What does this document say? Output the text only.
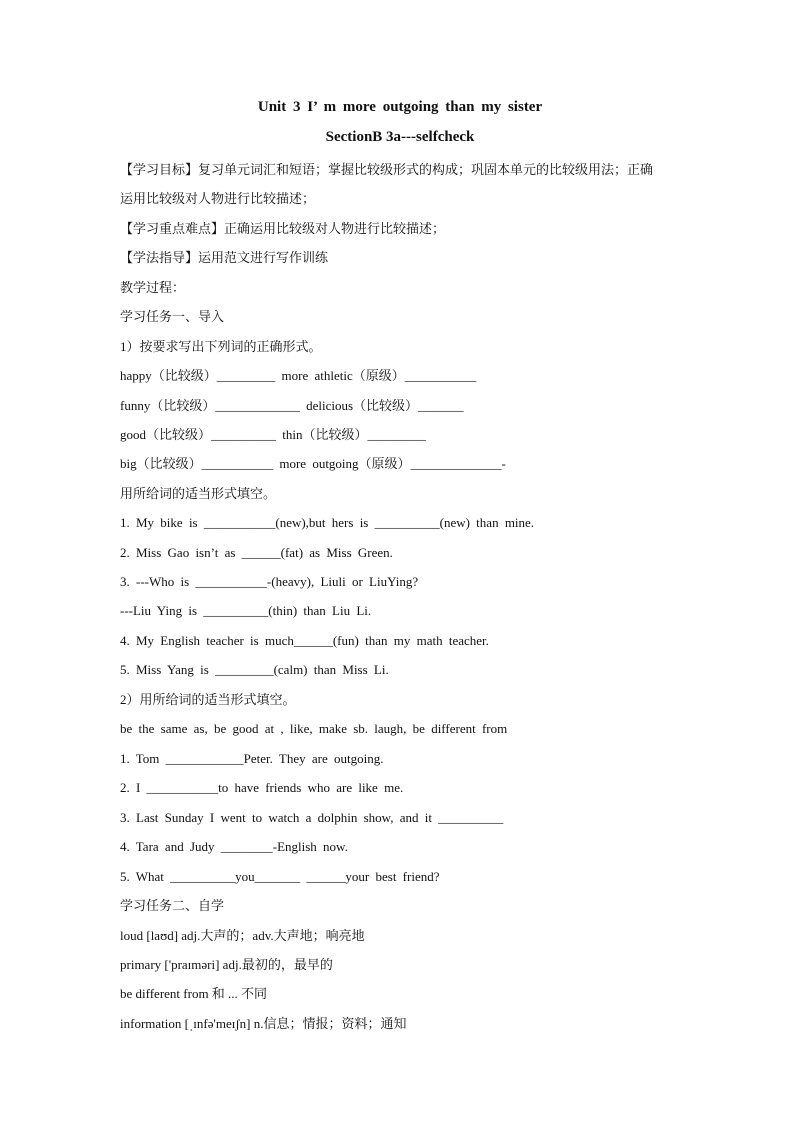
Unit 3 I’ m more outgoing than my sister
SectionB 3a---selfcheck
【学习目标】复习单元词汇和短语；掌握比较级形式的构成；巩固本单元的比较级用法；正确
运用比较级对人物进行比较描述；
【学习重点难点】正确运用比较级对人物进行比较描述；
【学法指导】运用范文进行写作训练
教学过程：
学习任务一、导入
1）按要求写出下列词的正确形式。
happy（比较级）_________ more athletic（原级）___________
funny（比较级）_____________ delicious（比较级）_______
good（比较级）__________ thin（比较级）_________
big（比较级）___________ more outgoing（原级）______________-
用所给词的适当形式填空。
1. My bike is ___________(new),but hers is __________(new) than mine.
2. Miss Gao isn’t as ______(fat) as Miss Green.
3. ---Who is ___________-(heavy), Liuli or LiuYing?
---Liu Ying is __________(thin) than Liu Li.
4. My English teacher is much______(fun) than my math teacher.
5. Miss Yang is _________(calm) than Miss Li.
2）用所给词的适当形式填空。
be the same as, be good at , like, make sb. laugh, be different from
1. Tom ____________Peter. They are outgoing.
2. I ___________to have friends who are like me.
3. Last Sunday I went to watch a dolphin show, and it __________
4. Tara and Judy ________-English now.
5. What __________you_______ ______your best friend?
学习任务二、自学
loud [laʊd] adj.大声的；adv.大声地；响亮地
primary ['praɪməri] adj.最初的，最早的
be different from 和 ... 不同
information [ˌɪnfə'meɪʃn] n.信息；情报；资料；通知
